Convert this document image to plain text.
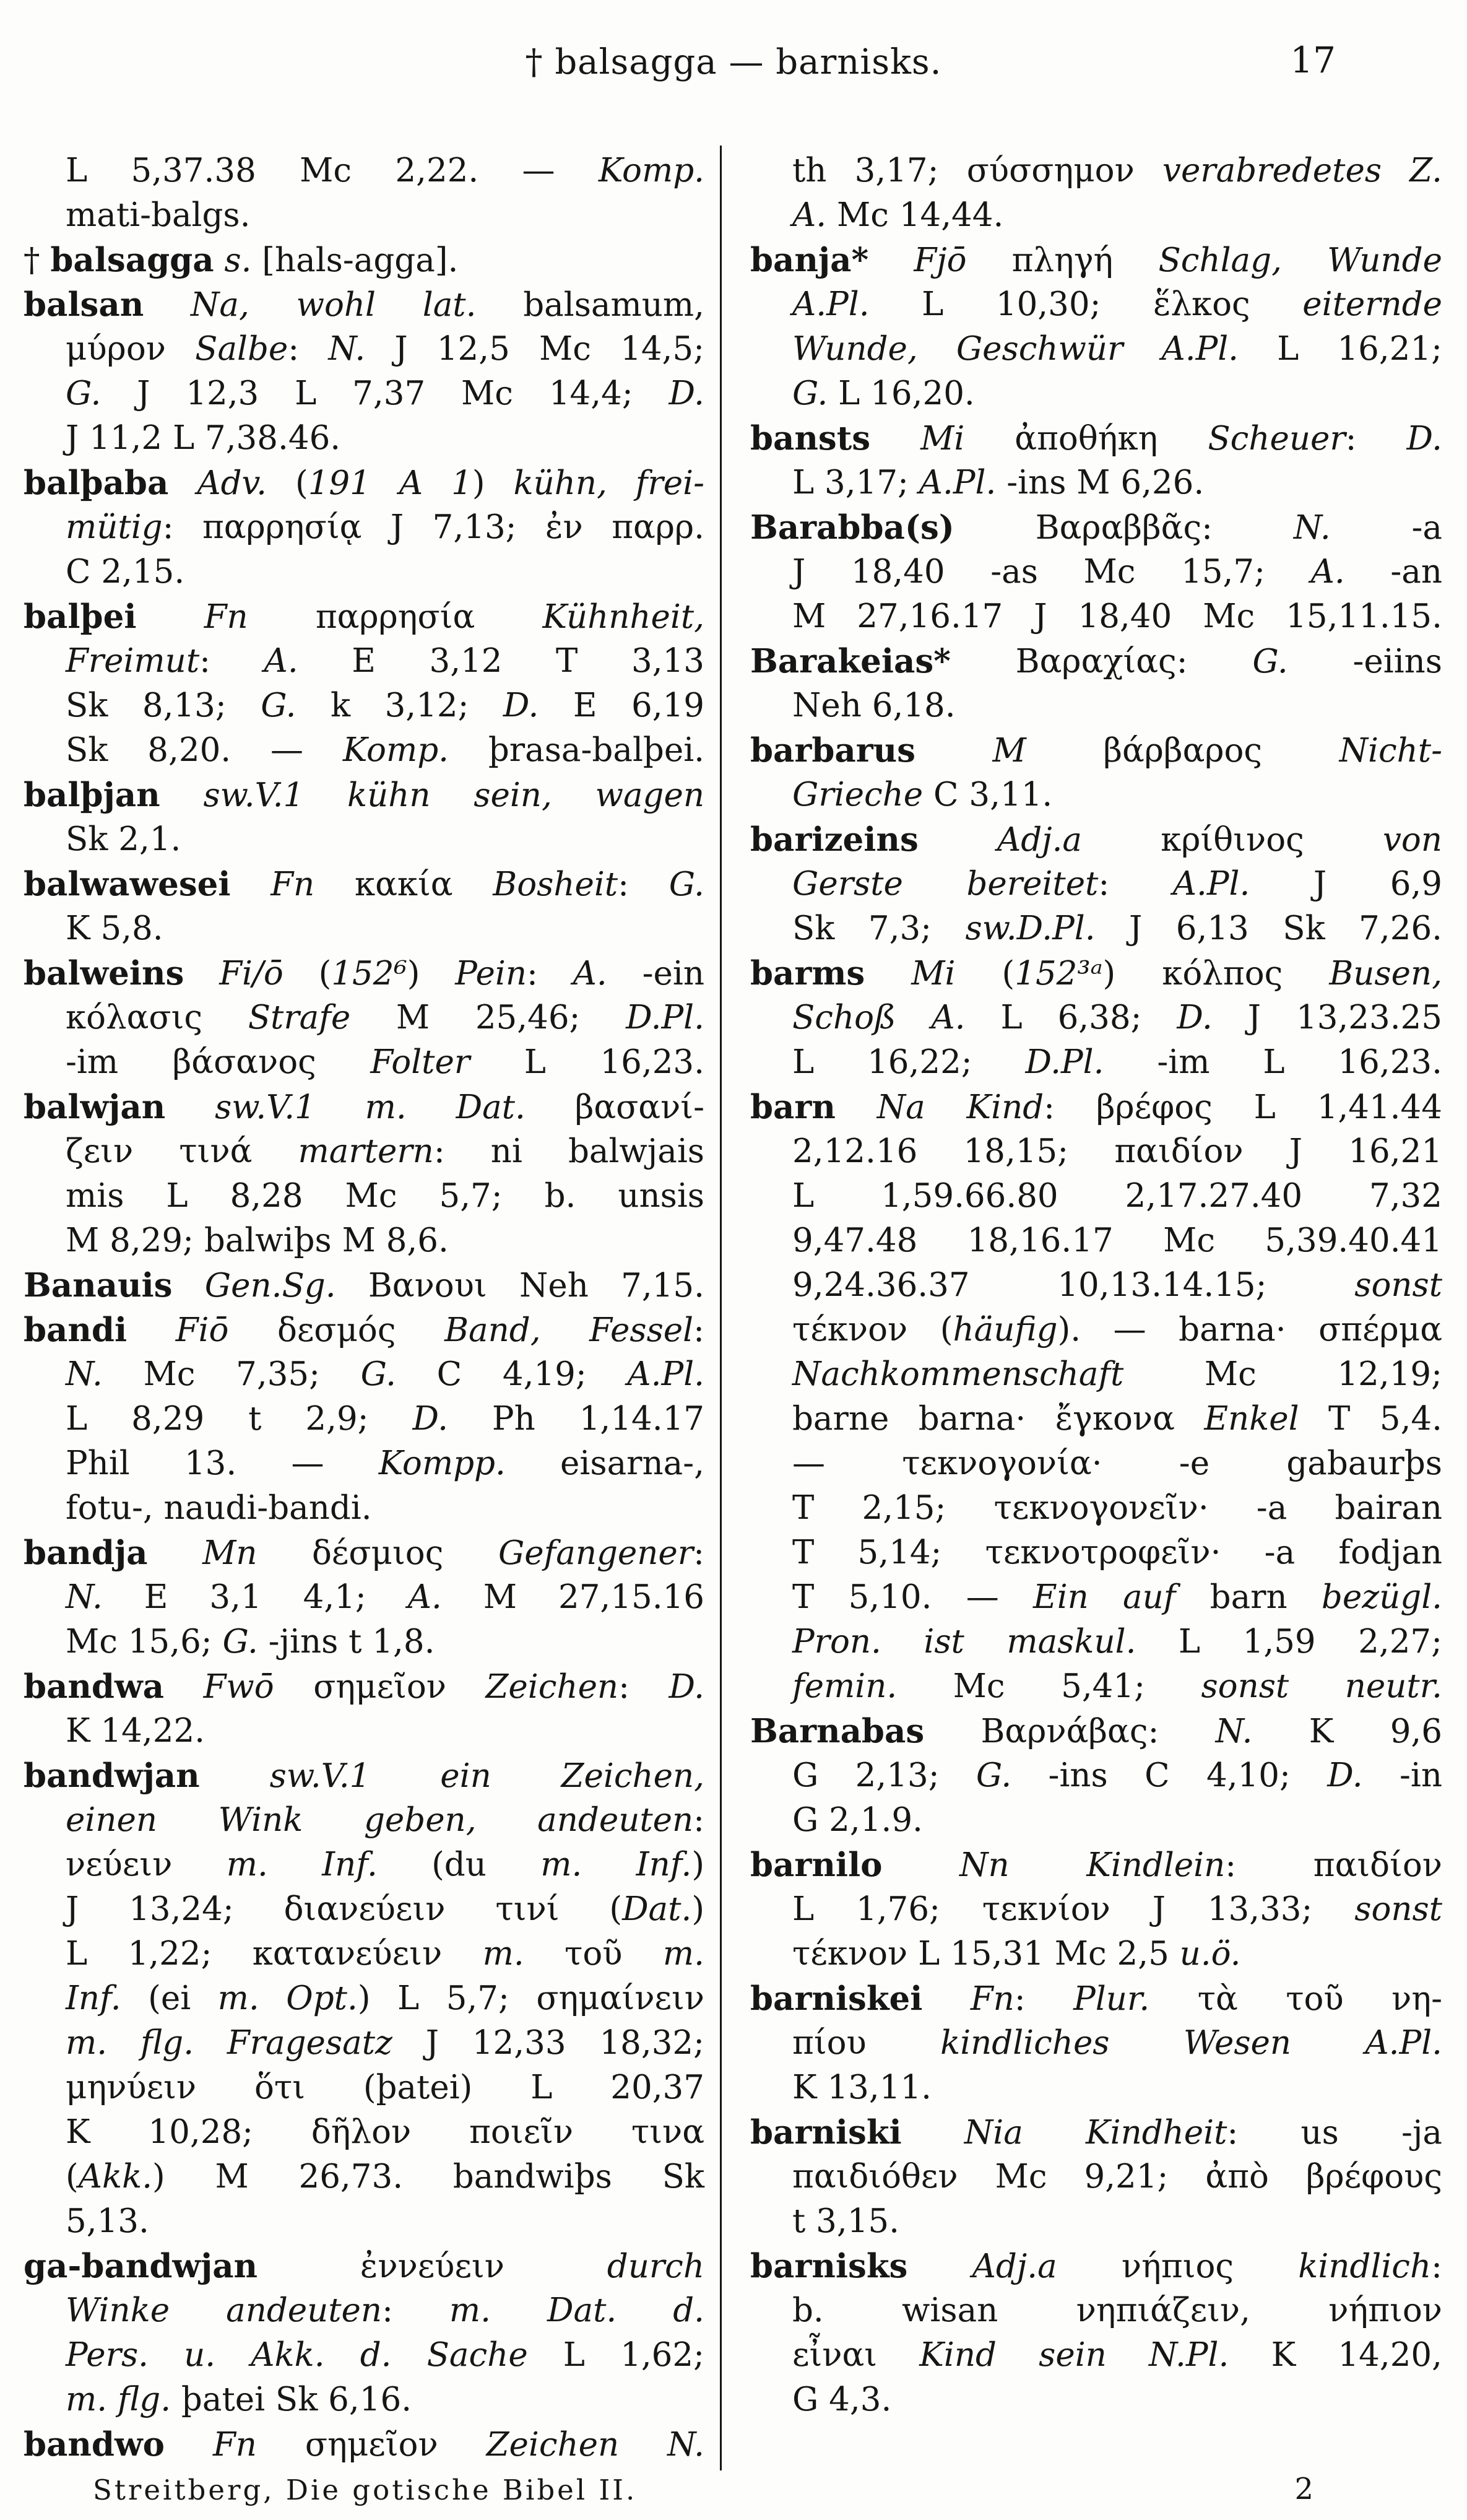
† balsagga — barnisks.	17
L 5,37.38 Mc 2,22. — Komp.
mati-balgs.
† balsagga s. [hals-agga].
balsan Na, wohl lat. balsamum,
μύρον Salbe: N. J 12,5 Mc 14,5;
G. J 12,3 L 7,37 Mc 14,4; D.
J 11,2 L 7,38.46.
balþaba Adv. (191 A 1) kühn, frei-
mütig: παρρησίᾳ J 7,13; ἐν παρρ.
C 2,15.
balþei Fn παρρησία Kühnheit,
Freimut: A. E 3,12 T 3,13
Sk 8,13; G. k 3,12; D. E 6,19
Sk 8,20. — Komp. þrasa-balþei.
balþjan sw.V.1 kühn sein, wagen
Sk 2,1.
balwawesei Fn κακία Bosheit: G.
K 5,8.
balweins Fi/ō (152⁶) Pein: A. -ein
κόλασις Strafe M 25,46; D.Pl.
-im βάσανος Folter L 16,23.
balwjan sw.V.1 m. Dat. βασανί-
ζειν τινά martern: ni balwjais
mis L 8,28 Mc 5,7; b. unsis
M 8,29; balwiþs M 8,6.
Banauis Gen.Sg. Βανουι Neh 7,15.
bandi Fiō δεσμός Band, Fessel:
N. Mc 7,35; G. C 4,19; A.Pl.
L 8,29 t 2,9; D. Ph 1,14.17
Phil 13. — Kompp. eisarna-,
fotu-, naudi-bandi.
bandja Mn δέσμιος Gefangener:
N. E 3,1 4,1; A. M 27,15.16
Mc 15,6; G. -jins t 1,8.
bandwa Fwō σημεῖον Zeichen: D.
K 14,22.
bandwjan sw.V.1 ein Zeichen,
einen Wink geben, andeuten:
νεύειν m. Inf. (du m. Inf.)
J 13,24; διανεύειν τινί (Dat.)
L 1,22; κατανεύειν m. τοῦ m.
Inf. (ei m. Opt.) L 5,7; σημαίνειν
m. flg. Fragesatz J 12,33 18,32;
μηνύειν ὅτι (þatei) L 20,37
K 10,28; δῆλον ποιεῖν τινα
(Akk.) M 26,73. bandwiþs Sk
5,13.
ga-bandwjan	ἐννεύειν	durch
Winke andeuten: m. Dat. d.
Pers. u. Akk. d. Sache L 1,62;
m. flg. þatei Sk 6,16.
bandwo Fn σημεῖον Zeichen N.
th 3,17; σύσσημον verabredetes Z.
A. Mc 14,44.
banja* Fjō πληγή Schlag, Wunde
A.Pl. L 10,30; ἕλκος eiternde
Wunde, Geschwür A.Pl. L 16,21;
G. L 16,20.
bansts Mi ἀποθήκη Scheuer: D.
L 3,17; A.Pl. -ins M 6,26.
Barabba(s) Βαραββᾶς: N. -a
J 18,40 -as Mc 15,7; A. -an
M 27,16.17 J 18,40 Mc 15,11.15.
Barakeias* Βαραχίας: G. -eiins
Neh 6,18.
barbarus M βάρβαρος Nicht-
Grieche C 3,11.
barizeins Adj.a κρίθινος von
Gerste bereitet: A.Pl. J 6,9
Sk 7,3; sw.D.Pl. J 6,13 Sk 7,26.
barms Mi (152³ᵃ) κόλπος Busen,
Schoß A. L 6,38; D. J 13,23.25
L 16,22; D.Pl. -im L 16,23.
barn Na Kind: βρέφος L 1,41.44
2,12.16 18,15; παιδίον J 16,21
L 1,59.66.80 2,17.27.40 7,32
9,47.48 18,16.17 Mc 5,39.40.41
9,24.36.37 10,13.14.15; sonst
τέκνον (häufig). — barna· σπέρμα
Nachkommenschaft Mc 12,19;
barne barna· ἔγκονα Enkel T 5,4.
— τεκνογονία· -e gabaurþs
T 2,15; τεκνογονεῖν· -a bairan
T 5,14; τεκνοτροφεῖν· -a fodjan
T 5,10. — Ein auf barn bezügl.
Pron. ist maskul. L 1,59 2,27;
femin. Mc 5,41; sonst neutr.
Barnabas Βαρνάβας: N. K 9,6
G 2,13; G. -ins C 4,10; D. -in
G 2,1.9.
barnilo Nn Kindlein: παιδίον
L 1,76; τεκνίον J 13,33; sonst
τέκνον L 15,31 Mc 2,5 u.ö.
barniskei Fn: Plur. τὰ τοῦ νη-
πίου kindliches Wesen A.Pl.
K 13,11.
barniski Nia Kindheit: us -ja
παιδιόθεν Mc 9,21; ἀπὸ βρέφους
t 3,15.
barnisks Adj.a νήπιος kindlich:
b. wisan νηπιάζειν, νήπιον
εἶναι Kind sein N.Pl. K 14,20,
G 4,3.
Streitberg, Die gotische Bibel II.	2
